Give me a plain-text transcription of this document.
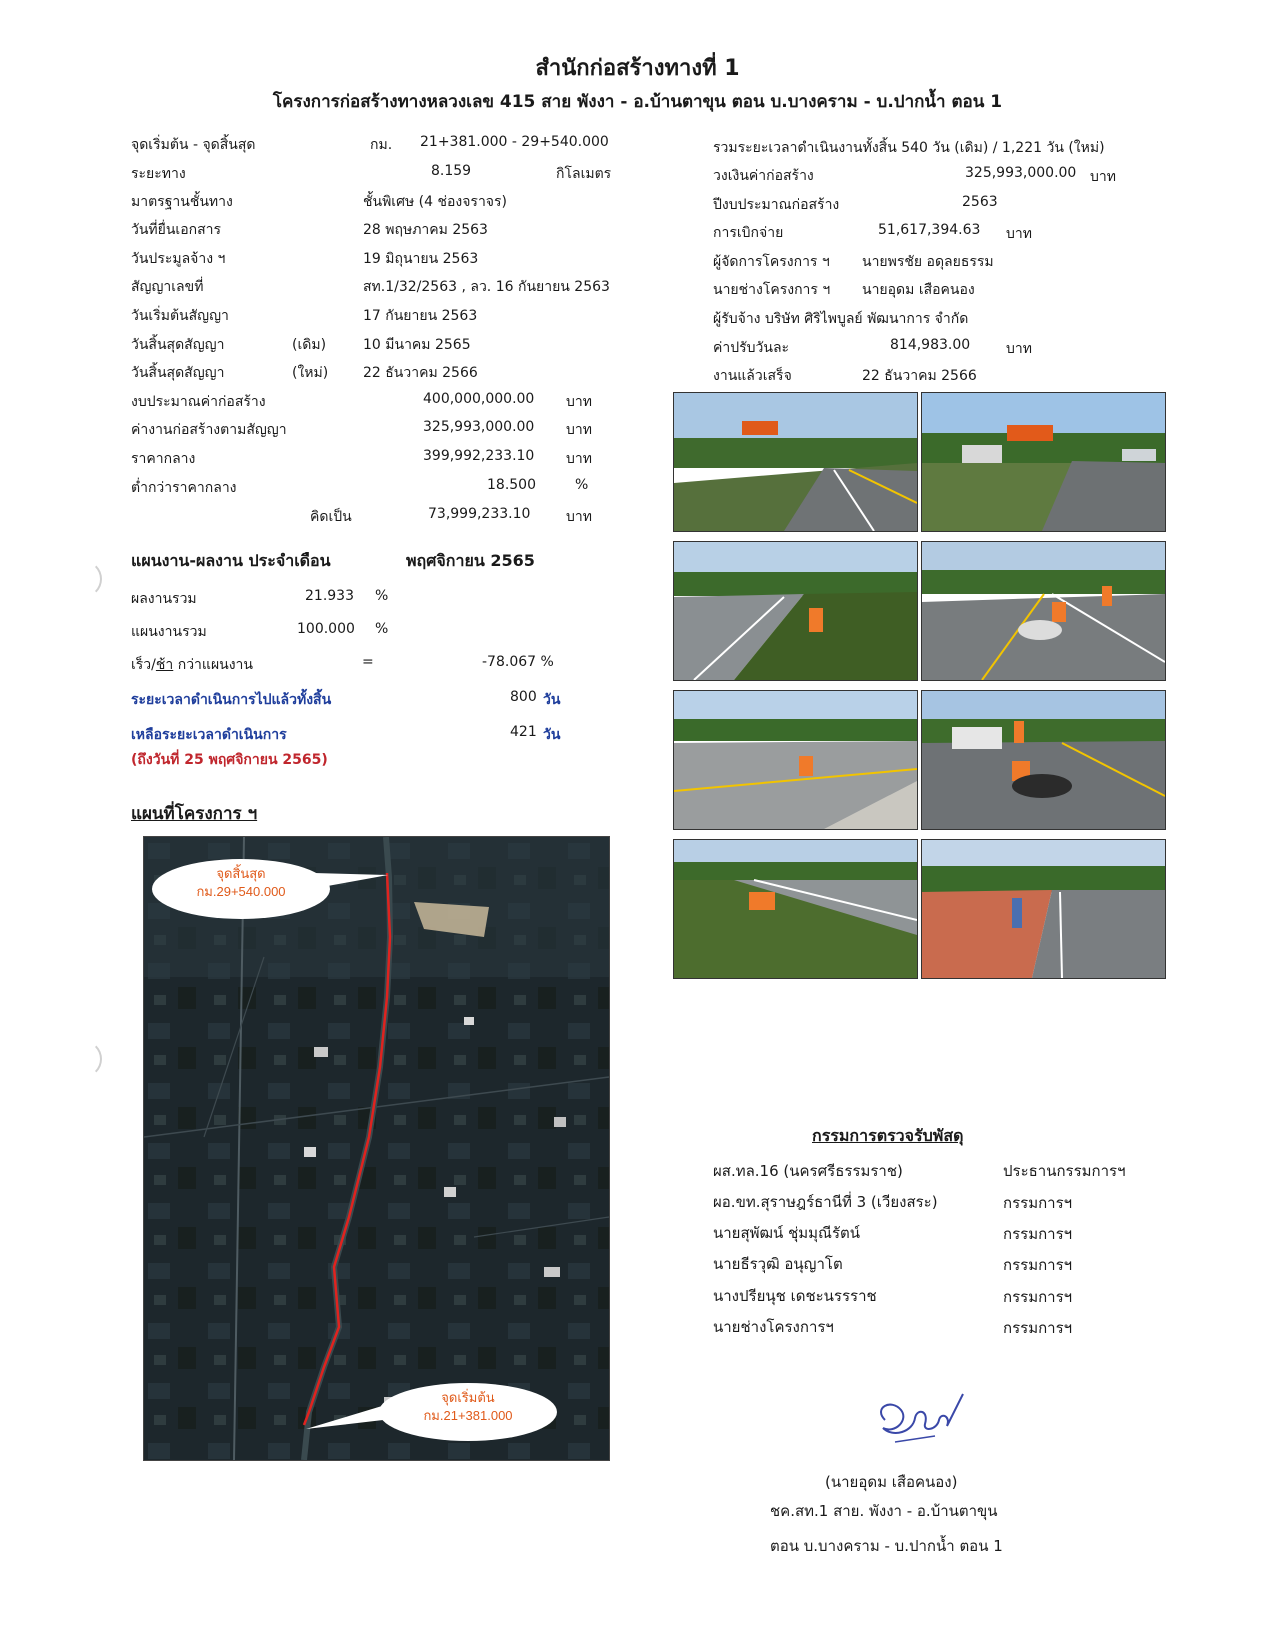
สำนักก่อสร้างทางที่ 1
โครงการก่อสร้างทางหลวงเลข 415 สาย พังงา - อ.บ้านตาขุน ตอน บ.บางคราม - บ.ปากน้ำ ตอน 1
จุดเริ่มต้น - จุดสิ้นสุด	กม. 21+381.000 - 29+540.000
ระยะทาง	8.159	กิโลเมตร
มาตรฐานชั้นทาง	ชั้นพิเศษ (4 ช่องจราจร)
วันที่ยื่นเอกสาร	28 พฤษภาคม 2563
วันประมูลจ้าง ฯ	19 มิถุนายน 2563
สัญญาเลขที่	สท.1/32/2563 , ลว. 16 กันยายน 2563
วันเริ่มต้นสัญญา	17 กันยายน 2563
วันสิ้นสุดสัญญา	(เดิม)	10 มีนาคม 2565
วันสิ้นสุดสัญญา	(ใหม่) 22 ธันวาคม 2566
งบประมาณค่าก่อสร้าง	400,000,000.00 บาท
ค่างานก่อสร้างตามสัญญา	325,993,000.00 บาท
ราคากลาง	399,992,233.10 บาท
ต่ำกว่าราคากลาง	18.500	%
คิดเป็น	73,999,233.10	บาท
รวมระยะเวลาดำเนินงานทั้งสิ้น 540 วัน (เดิม) / 1,221 วัน (ใหม่)
วงเงินค่าก่อสร้าง	325,993,000.00 บาท
ปีงบประมาณก่อสร้าง	2563
การเบิกจ่าย	51,617,394.63 บาท
ผู้จัดการโครงการ ฯ นายพรชัย อดุลยธรรม
นายช่างโครงการ ฯ นายอุดม เสือคนอง
ผู้รับจ้าง บริษัท ศิริไพบูลย์ พัฒนาการ จำกัด
ค่าปรับวันละ	814,983.00	บาท
งานแล้วเสร็จ	22 ธันวาคม 2566
แผนงาน-ผลงาน ประจำเดือน	พฤศจิกายน 2565
ผลงานรวม	21.933 %
แผนงานรวม	100.000 %
เร็ว/ช้า กว่าแผนงาน	=	-78.067 %
ระยะเวลาดำเนินการไปแล้วทั้งสิ้น	800 วัน
เหลือระยะเวลาดำเนินการ	421 วัน
(ถึงวันที่ 25 พฤศจิกายน 2565)
แผนที่โครงการ ฯ
จุดสิ้นสุด
กม.29+540.000
จุดเริ่มต้น
กม.21+381.000
กรรมการตรวจรับพัสดุ
ผส.ทล.16 (นครศรีธรรมราช)	ประธานกรรมการฯ
ผอ.ขท.สุราษฎร์ธานีที่ 3 (เวียงสระ)	กรรมการฯ
นายสุพัฒน์ ชุ่มมุณีรัตน์	กรรมการฯ
นายธีรวุฒิ อนุญาโต	กรรมการฯ
นางปรียนุช เดชะนรรราช	กรรมการฯ
นายช่างโครงการฯ	กรรมการฯ
(นายอุดม เสือคนอง)
ชค.สท.1 สาย. พังงา - อ.บ้านตาขุน
ตอน บ.บางคราม - บ.ปากน้ำ ตอน 1
